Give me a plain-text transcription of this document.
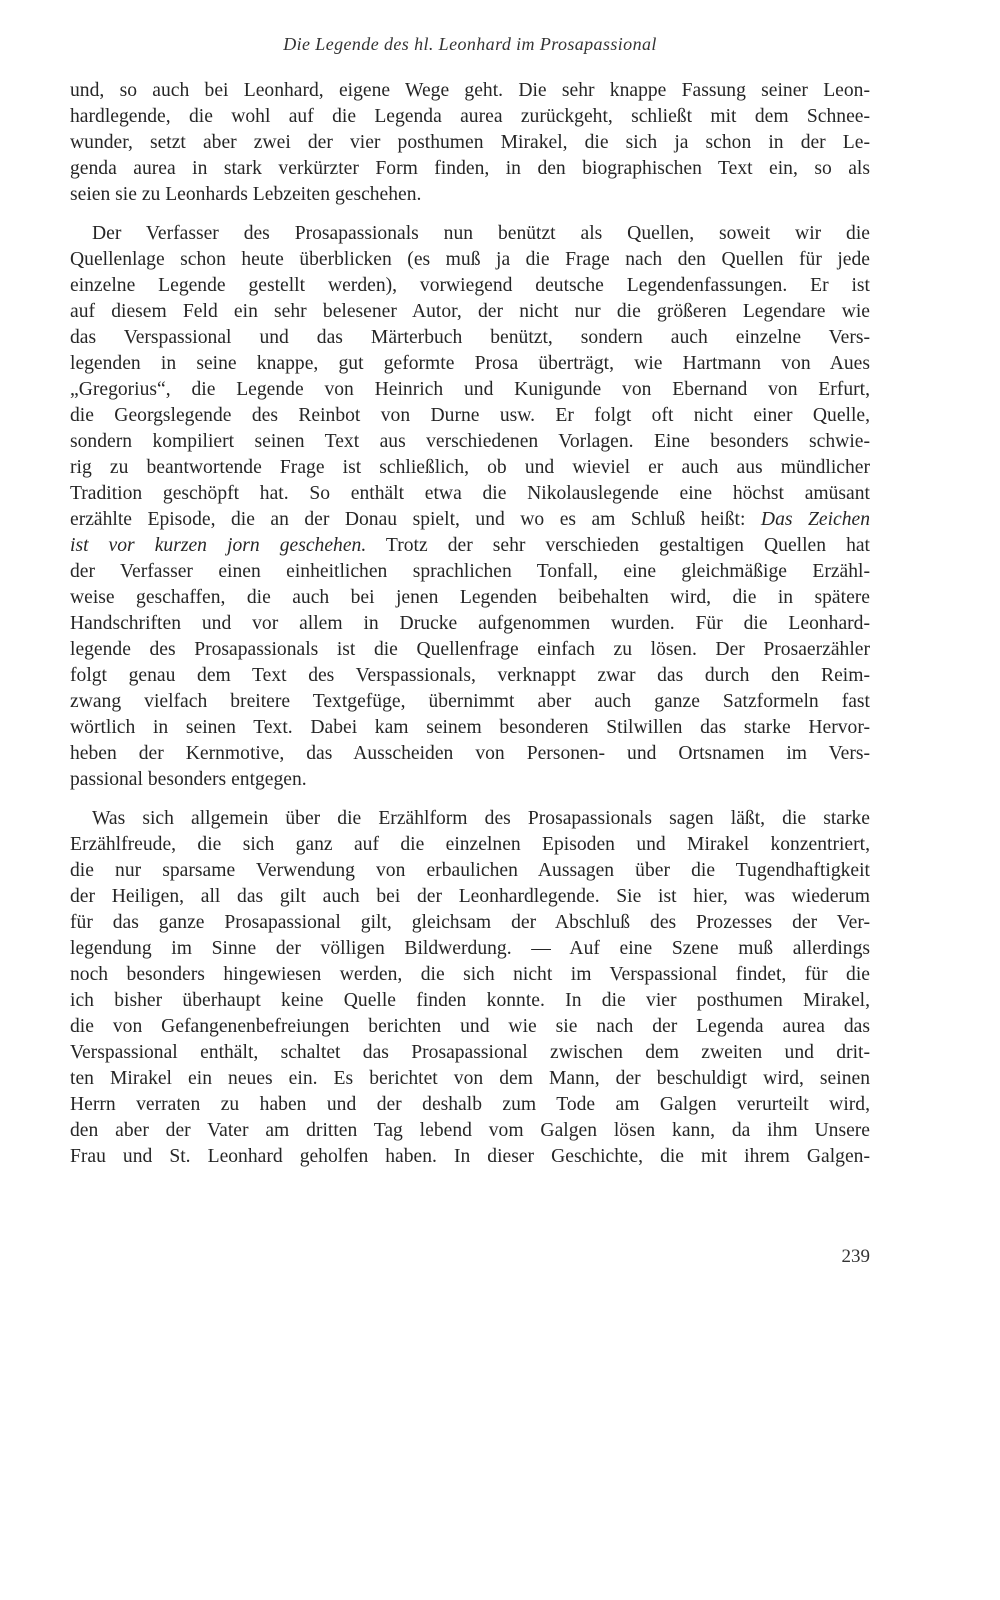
Die Legende des hl. Leonhard im Prosapassional

und, so auch bei Leonhard, eigene Wege geht. Die sehr knappe Fassung seiner Leon-
hardlegende, die wohl auf die Legenda aurea zurückgeht, schließt mit dem Schnee-
wunder, setzt aber zwei der vier posthumen Mirakel, die sich ja schon in der Le-
genda aurea in stark verkürzter Form finden, in den biographischen Text ein, so als
seien sie zu Leonhards Lebzeiten geschehen.

Der Verfasser des Prosapassionals nun benützt als Quellen, soweit wir die
Quellenlage schon heute überblicken (es muß ja die Frage nach den Quellen für jede
einzelne Legende gestellt werden), vorwiegend deutsche Legendenfassungen. Er ist
auf diesem Feld ein sehr belesener Autor, der nicht nur die größeren Legendare wie
das Verspassional und das Märterbuch benützt, sondern auch einzelne Vers-
legenden in seine knappe, gut geformte Prosa überträgt, wie Hartmann von Aues
„Gregorius“, die Legende von Heinrich und Kunigunde von Ebernand von Erfurt,
die Georgslegende des Reinbot von Durne usw. Er folgt oft nicht einer Quelle,
sondern kompiliert seinen Text aus verschiedenen Vorlagen. Eine besonders schwie-
rig zu beantwortende Frage ist schließlich, ob und wieviel er auch aus mündlicher
Tradition geschöpft hat. So enthält etwa die Nikolauslegende eine höchst amüsant
erzählte Episode, die an der Donau spielt, und wo es am Schluß heißt: Das Zeichen
ist vor kurzen jorn geschehen. Trotz der sehr verschieden gestaltigen Quellen hat
der Verfasser einen einheitlichen sprachlichen Tonfall, eine gleichmäßige Erzähl-
weise geschaffen, die auch bei jenen Legenden beibehalten wird, die in spätere
Handschriften und vor allem in Drucke aufgenommen wurden. Für die Leonhard-
legende des Prosapassionals ist die Quellenfrage einfach zu lösen. Der Prosaerzähler
folgt genau dem Text des Verspassionals, verknappt zwar das durch den Reim-
zwang vielfach breitere Textgefüge, übernimmt aber auch ganze Satzformeln fast
wörtlich in seinen Text. Dabei kam seinem besonderen Stilwillen das starke Hervor-
heben der Kernmotive, das Ausscheiden von Personen- und Ortsnamen im Vers-
passional besonders entgegen.

Was sich allgemein über die Erzählform des Prosapassionals sagen läßt, die starke
Erzählfreude, die sich ganz auf die einzelnen Episoden und Mirakel konzentriert,
die nur sparsame Verwendung von erbaulichen Aussagen über die Tugendhaftigkeit
der Heiligen, all das gilt auch bei der Leonhardlegende. Sie ist hier, was wiederum
für das ganze Prosapassional gilt, gleichsam der Abschluß des Prozesses der Ver-
legendung im Sinne der völligen Bildwerdung. — Auf eine Szene muß allerdings
noch besonders hingewiesen werden, die sich nicht im Verspassional findet, für die
ich bisher überhaupt keine Quelle finden konnte. In die vier posthumen Mirakel,
die von Gefangenenbefreiungen berichten und wie sie nach der Legenda aurea das
Verspassional enthält, schaltet das Prosapassional zwischen dem zweiten und drit-
ten Mirakel ein neues ein. Es berichtet von dem Mann, der beschuldigt wird, seinen
Herrn verraten zu haben und der deshalb zum Tode am Galgen verurteilt wird,
den aber der Vater am dritten Tag lebend vom Galgen lösen kann, da ihm Unsere
Frau und St. Leonhard geholfen haben. In dieser Geschichte, die mit ihrem Galgen-

239
